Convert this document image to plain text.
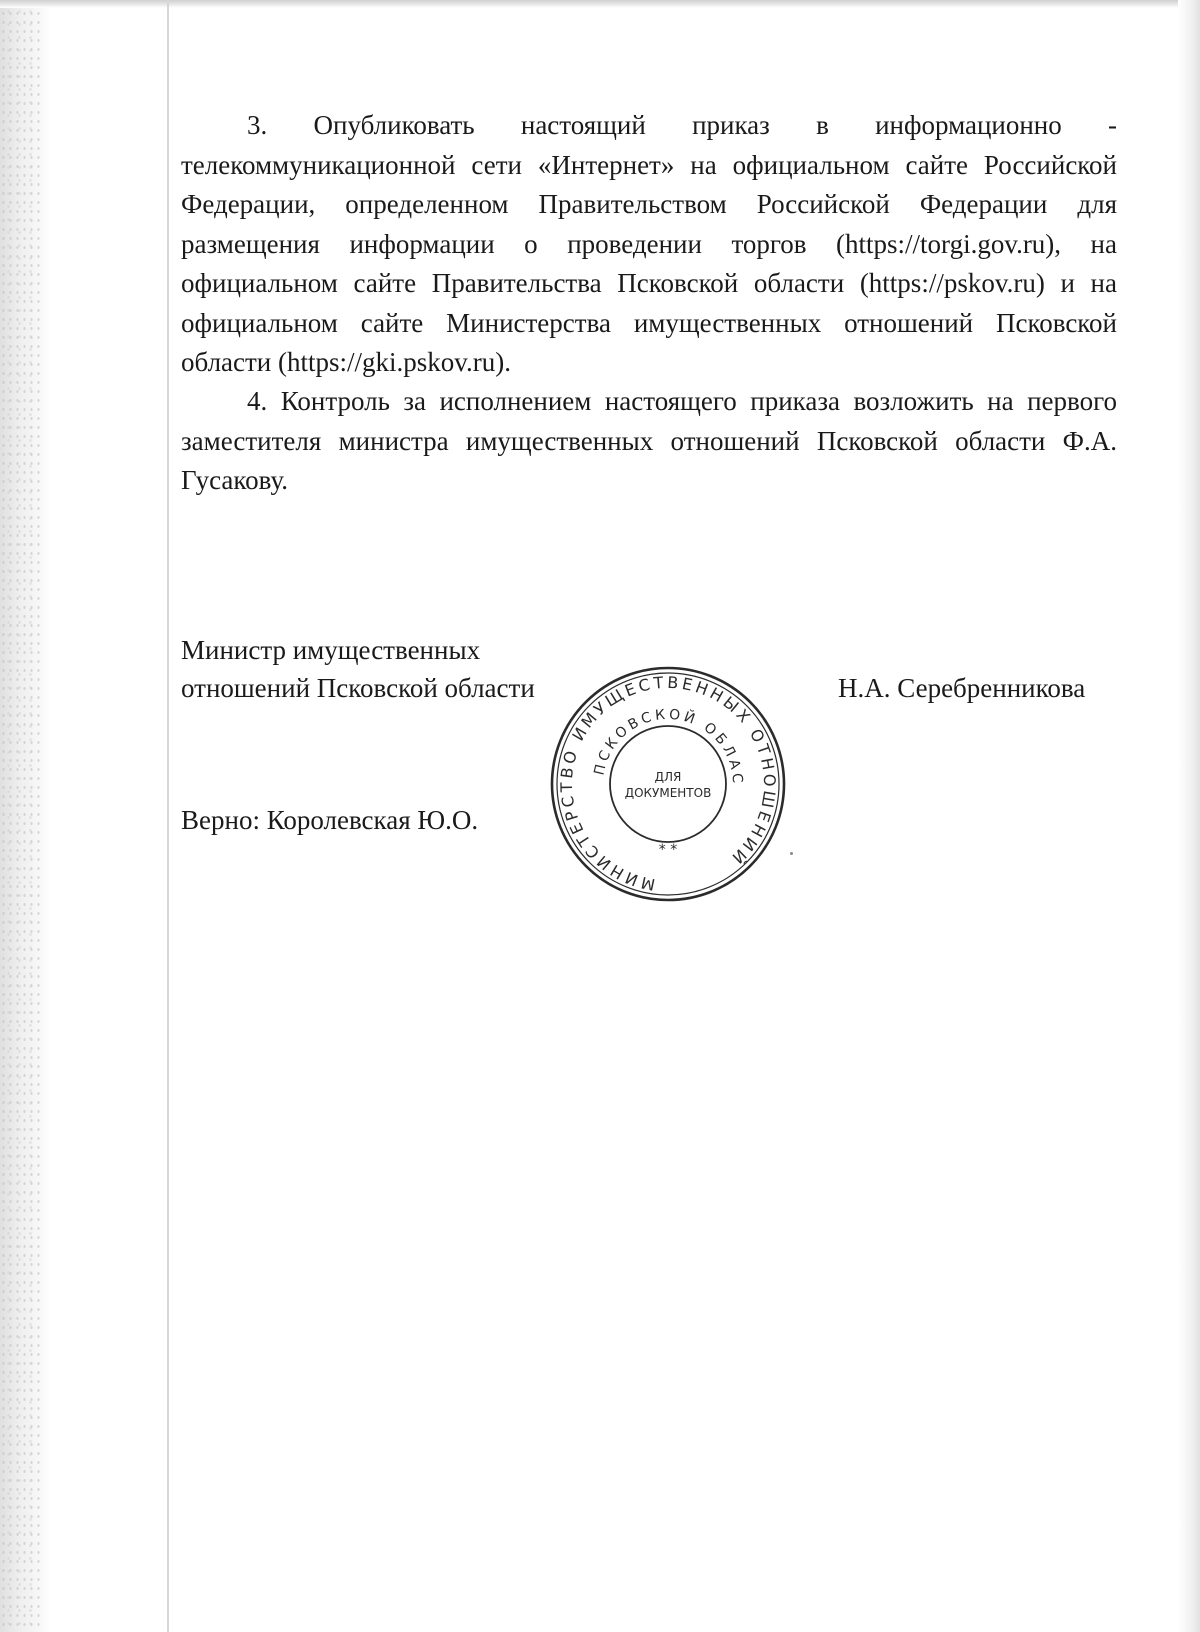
3. Опубликовать настоящий приказ в информационно - телекоммуникационной сети «Интернет» на официальном сайте Российской Федерации, определенном Правительством Российской Федерации для размещения информации о проведении торгов (https://torgi.gov.ru), на официальном сайте Правительства Псковской области (https://pskov.ru) и на официальном сайте Министерства имущественных отношений Псковской области (https://gki.pskov.ru).

4. Контроль за исполнением настоящего приказа возложить на первого заместителя министра имущественных отношений Псковской области Ф.А. Гусакову.

Министр имущественных
отношений Псковской области	Н.А. Серебренникова
Верно: Королевская Ю.О.
МИНИСТЕРСТВО ИМУЩЕСТВЕННЫХ ОТНОШЕНИЙ
ПСКОВСКОЙ ОБЛАС
ДЛЯ
ДОКУМЕНТОВ
* *
